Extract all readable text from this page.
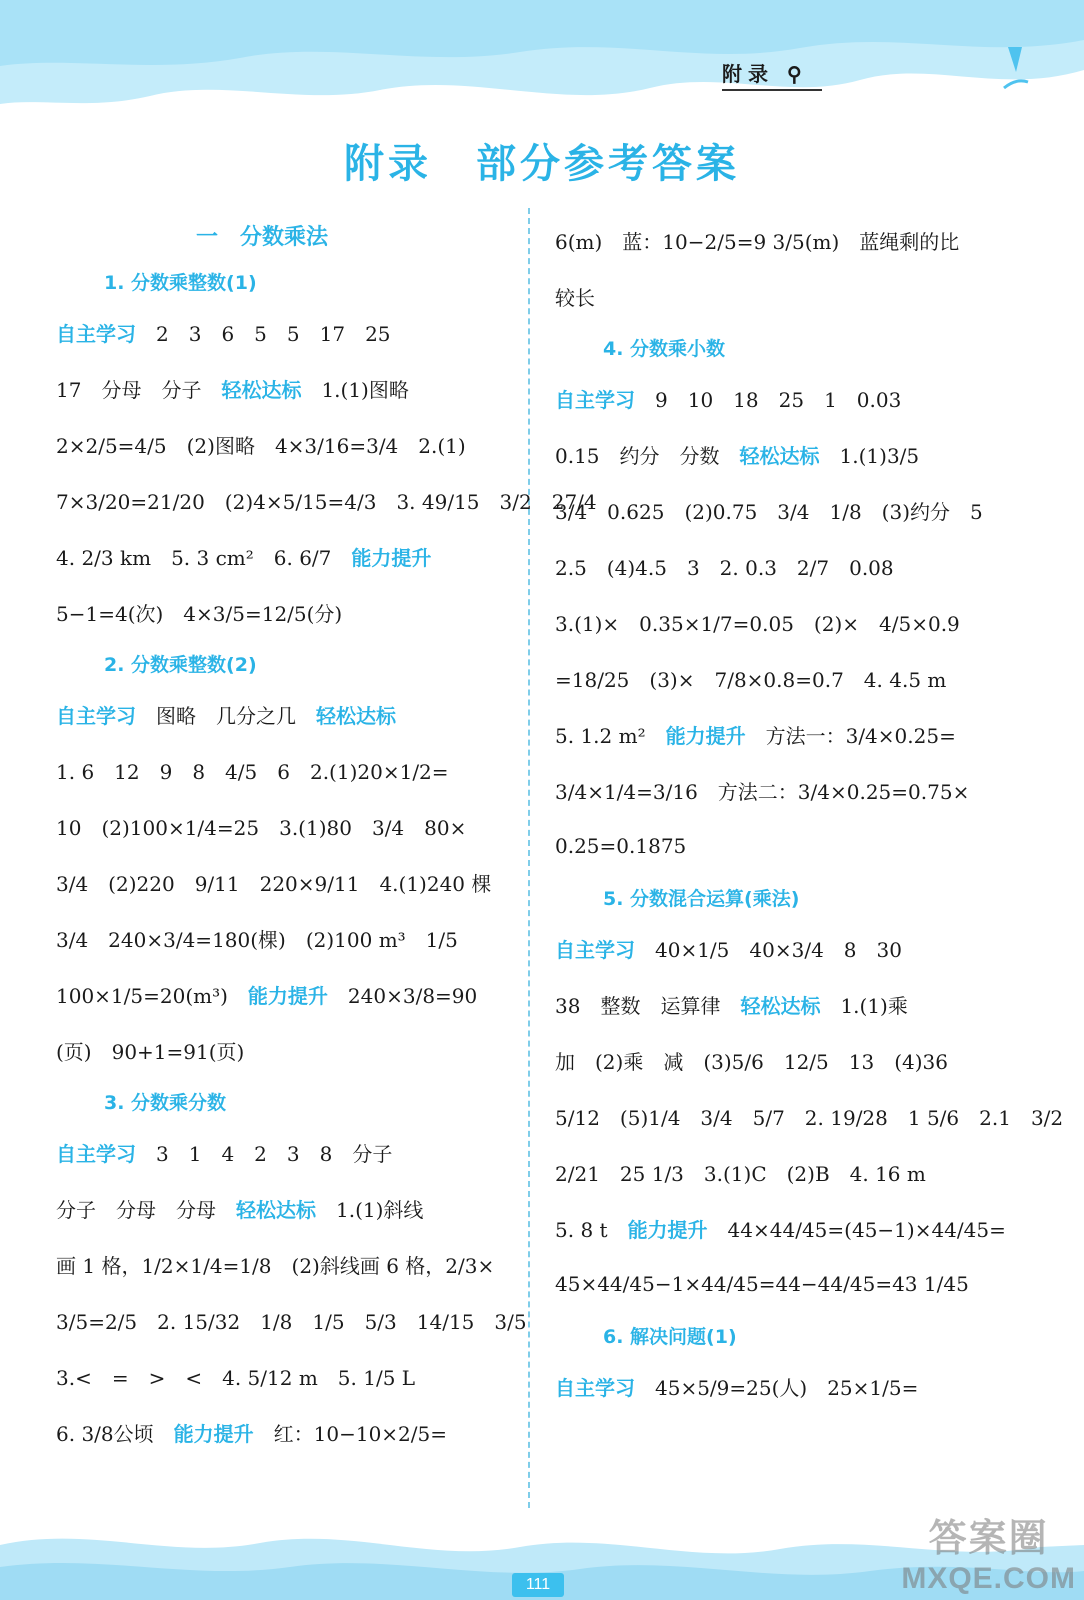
附录 ⚲
附录　部分参考答案
一　分数乘法
1. 分数乘整数(1)
自主学习 　2　3　6　5　5　17　25
17　分母　分子　 轻松达标 　1.(1)图略
2×2/5=4/5　(2)图略　4×3/16=3/4　2.(1)
7×3/20=21/20　(2)4×5/15=4/3　3. 49/15　3/2　27/4
4. 2/3 km　5. 3 cm²　6. 6/7　 能力提升
5−1=4(次)　4×3/5=12/5(分)
2. 分数乘整数(2)
自主学习 　图略　几分之几　 轻松达标
1. 6　12　9　8　4/5　6　2.(1)20×1/2=
10　(2)100×1/4=25　3.(1)80　3/4　80×
3/4　(2)220　9/11　220×9/11　4.(1)240 棵
3/4　240×3/4=180(棵)　(2)100 m³　1/5
100×1/5=20(m³)　 能力提升 　240×3/8=90
(页)　90+1=91(页)
3. 分数乘分数
自主学习 　3　1　4　2　3　8　分子
分子　分母　分母　 轻松达标 　1.(1)斜线
画 1 格，1/2×1/4=1/8　(2)斜线画 6 格，2/3×
3/5=2/5　2. 15/32　1/8　1/5　5/3　14/15　3/5
3.<　=　>　<　4. 5/12 m　5. 1/5 L
6. 3/8公顷　 能力提升 　红：10−10×2/5=
6(m)　蓝：10−2/5=9 3/5(m)　蓝绳剩的比
较长
4. 分数乘小数
自主学习 　9　10　18　25　1　0.03
0.15　约分　分数　 轻松达标 　1.(1)3/5
3/4　0.625　(2)0.75　3/4　1/8　(3)约分　5
2.5　(4)4.5　3　2. 0.3　2/7　0.08
3.(1)×　0.35×1/7=0.05　(2)×　4/5×0.9
=18/25　(3)×　7/8×0.8=0.7　4. 4.5 m
5. 1.2 m²　 能力提升 　方法一：3/4×0.25=
3/4×1/4=3/16　方法二：3/4×0.25=0.75×
0.25=0.1875
5. 分数混合运算(乘法)
自主学习 　40×1/5　40×3/4　8　30
38　整数　运算律　 轻松达标 　1.(1)乘
加　(2)乘　减　(3)5/6　12/5　13　(4)36
5/12　(5)1/4　3/4　5/7　2. 19/28　1 5/6　2.1　3/2
2/21　25 1/3　3.(1)C　(2)B　4. 16 m
5. 8 t　 能力提升 　44×44/45=(45−1)×44/45=
45×44/45−1×44/45=44−44/45=43 1/45
6. 解决问题(1)
自主学习 　45×5/9=25(人)　25×1/5=
111
答案圈
MXQE.COM
